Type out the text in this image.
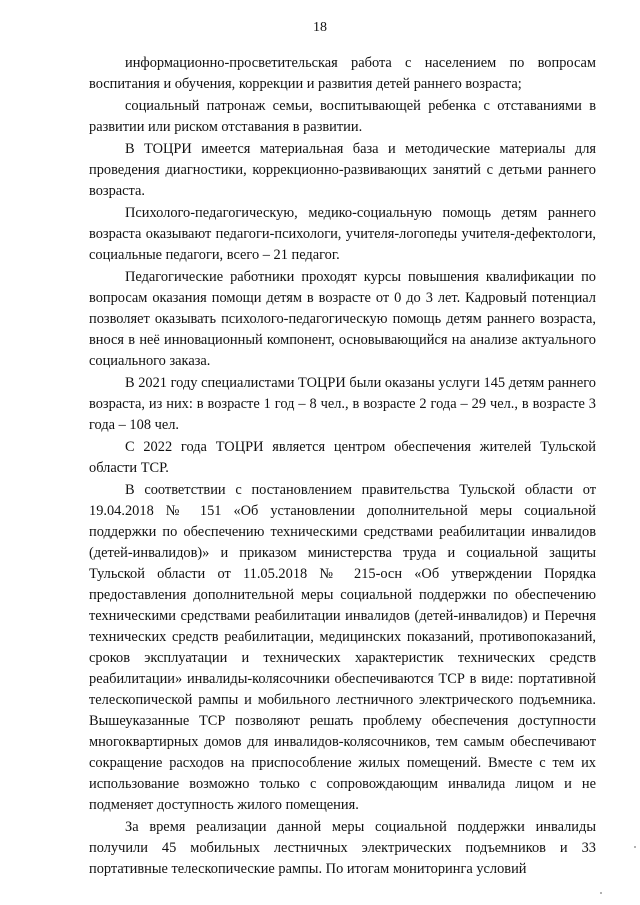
18

информационно-просветительская работа с населением по вопросам воспитания и обучения, коррекции и развития детей раннего возраста;

социальный патронаж семьи, воспитывающей ребенка с отставаниями в развитии или риском отставания в развитии.

В ТОЦРИ имеется материальная база и методические материалы для проведения диагностики, коррекционно-развивающих занятий с детьми раннего возраста.

Психолого-педагогическую, медико-социальную помощь детям раннего возраста оказывают педагоги-психологи, учителя-логопеды учителя-дефектологи, социальные педагоги, всего – 21 педагог.

Педагогические работники проходят курсы повышения квалификации по вопросам оказания помощи детям в возрасте от 0 до 3 лет. Кадровый потенциал позволяет оказывать психолого-педагогическую помощь детям раннего возраста, внося в неё инновационный компонент, основывающийся на анализе актуального социального заказа.

В 2021 году специалистами ТОЦРИ были оказаны услуги 145 детям раннего возраста, из них: в возрасте 1 год – 8 чел., в возрасте 2 года – 29 чел., в возрасте 3 года – 108 чел.

С 2022 года ТОЦРИ является центром обеспечения жителей Тульской области ТСР.

В соответствии с постановлением правительства Тульской области от 19.04.2018 № 151 «Об установлении дополнительной меры социальной поддержки по обеспечению техническими средствами реабилитации инвалидов (детей-инвалидов)» и приказом министерства труда и социальной защиты Тульской области от 11.05.2018 № 215-осн «Об утверждении Порядка предоставления дополнительной меры социальной поддержки по обеспечению техническими средствами реабилитации инвалидов (детей-инвалидов) и Перечня технических средств реабилитации, медицинских показаний, противопоказаний, сроков эксплуатации и технических характеристик технических средств реабилитации» инвалиды-колясочники обеспечиваются ТСР в виде: портативной телескопической рампы и мобильного лестничного электрического подъемника. Вышеуказанные ТСР позволяют решать проблему обеспечения доступности многоквартирных домов для инвалидов-колясочников, тем самым обеспечивают сокращение расходов на приспособление жилых помещений. Вместе с тем их использование возможно только с сопровождающим инвалида лицом и не подменяет доступность жилого помещения.

За время реализации данной меры социальной поддержки инвалиды получили 45 мобильных лестничных электрических подъемников и 33 портативные телескопические рампы. По итогам мониторинга условий
